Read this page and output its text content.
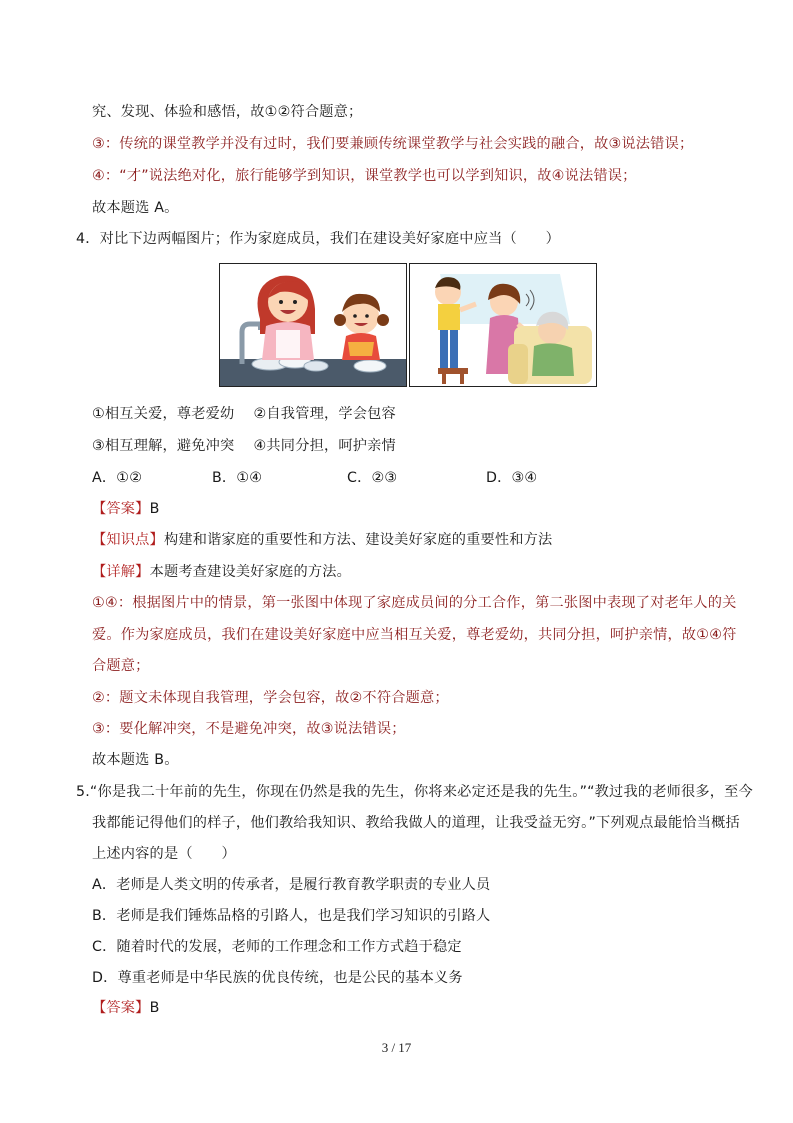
究、发现、体验和感悟，故①②符合题意；
③：传统的课堂教学并没有过时，我们要兼顾传统课堂教学与社会实践的融合，故③说法错误；
④：“才”说法绝对化，旅行能够学到知识，课堂教学也可以学到知识，故④说法错误；
故本题选 A。
4．对比下边两幅图片；作为家庭成员，我们在建设美好家庭中应当（　　）
①相互关爱，尊老爱幼　 ②自我管理，学会包容
③相互理解，避免冲突　 ④共同分担，呵护亲情
A．①②	B．①④	C．②③	D．③④
【答案】B
【知识点】构建和谐家庭的重要性和方法、建设美好家庭的重要性和方法
【详解】本题考查建设美好家庭的方法。
①④：根据图片中的情景，第一张图中体现了家庭成员间的分工合作，第二张图中表现了对老年人的关
爱。作为家庭成员，我们在建设美好家庭中应当相互关爱，尊老爱幼，共同分担，呵护亲情，故①④符
合题意；
②：题文未体现自我管理，学会包容，故②不符合题意；
③：要化解冲突，不是避免冲突，故③说法错误；
故本题选 B。
5.“你是我二十年前的先生，你现在仍然是我的先生，你将来必定还是我的先生。”“教过我的老师很多，至今
我都能记得他们的样子，他们教给我知识、教给我做人的道理，让我受益无穷。”下列观点最能恰当概括
上述内容的是（　　）
A．老师是人类文明的传承者，是履行教育教学职责的专业人员
B．老师是我们锤炼品格的引路人，也是我们学习知识的引路人
C．随着时代的发展，老师的工作理念和工作方式趋于稳定
D．尊重老师是中华民族的优良传统，也是公民的基本义务
【答案】B
3 / 17
